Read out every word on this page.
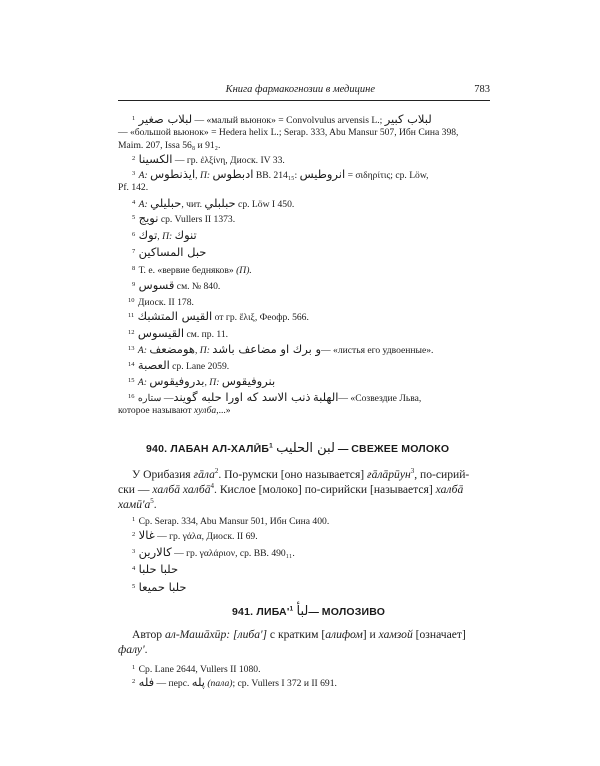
Книга фармакогнозии в медицине	783
$^1$ لبلاب صغير — «малый вьюнок» = Convolvulus arvensis L.; لبلاب كبير
— «большой вьюнок» = Hedera helix L.; Serap. 333, Abu Mansur 507, Ибн Сина 398,
Maim. 207, Issa 56₈ и 91₂.
$^2$ الكسينا — гр. ἐλξίνη, Диоск. IV 33.
$^3$ A: ايذنطوس, П: ادبطوس BB. 214₁₅: انروطيس = σιδηρίτις; ср. Löw,
Pf. 142.
$^4$ A: حبليلي, чит. حبلبلي ср. Löw I 450.
$^5$ نويج ср. Vullers II 1373.
$^6$ توك, П: تنوك
$^7$ حبل المساكين
$^8$ Т. е. «вервие бедняков» (П).
$^9$ قسوس см. № 840.
$^{10}$ Диоск. II 178.
$^{11}$ القيس المتشبك от гр. ἕλιξ, Феофр. 566.
$^{12}$ القيسوس см. пр. 11.
$^{13}$ A: هومضعف, П: و برك او مضاعف باشد— «листья его удвоенные».
$^{14}$ العصبة ср. Lane 2059.
$^{15}$ A: بدروفيقوس, П: بنروفيقوس
$^{16}$	الهلبة ذنب الاسد كه اورا حلبه گويند— ستاره	— «Созвездие Льва,
которое называют хулба,...»
940. ЛАБАН АЛ-ХАЛӢБ$^1$ لبن الحليب — СВЕЖЕЕ МОЛОКО
У Орибазия ғāла$^2$. По-румски [оно называется] ғāлāрӣун$^3$, по-сирий-
ски — халбā халбā$^4$. Кислое [молоко] по-сирийски [называется] халбā
$хамӣ'а^5$.
$^1$ Ср. Serap. 334, Abu Mansur 501, Ибн Сина 400.
$^2$ غالا — гр. γάλα, Диоск. II 69.
$^3$ كالارين — гр. γαλάριον, ср. BB. 490₁₁.
$^4$ حلبا حلبا
$^5$ حلبا حميعا
941. $ЛИБА'^1$ لبأ— МОЛОЗИВО
Автор ал-Машāхӣр: [либа'] с кратким [алифом] и хамзой [означает]
фалу'.
$^1$ Ср. Lane 2644, Vullers II 1080.
$^2$ فله — перс. پله (пала); ср. Vullers I 372 и II 691.
